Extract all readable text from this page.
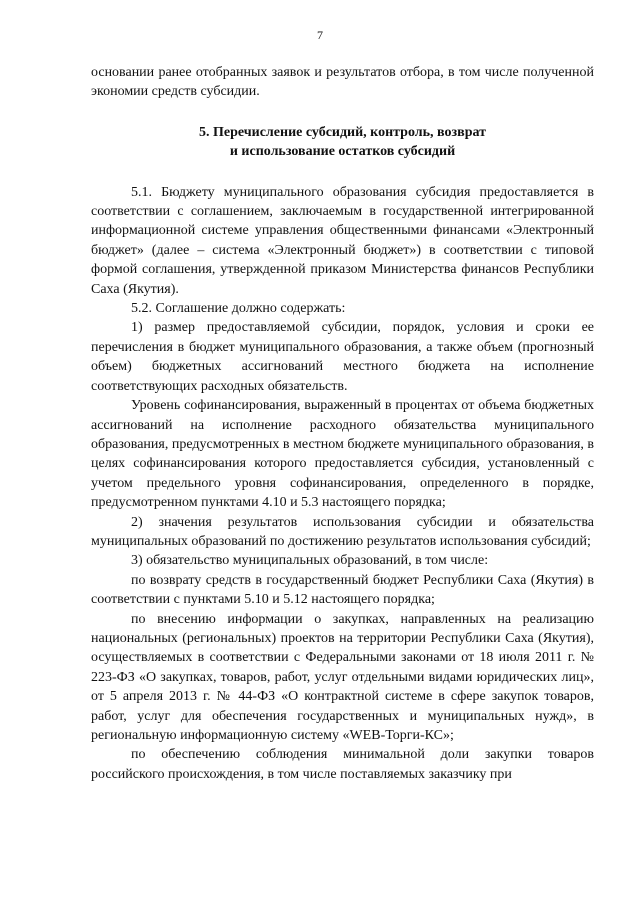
7

основании ранее отобранных заявок и результатов отбора, в том числе полученной экономии средств субсидии.

5. Перечисление субсидий, контроль, возврат

и использование остатков субсидий

5.1. Бюджету муниципального образования субсидия предоставляется в соответствии с соглашением, заключаемым в государственной интегрированной информационной системе управления общественными финансами «Электронный бюджет» (далее – система «Электронный бюджет») в соответствии с типовой формой соглашения, утвержденной приказом Министерства финансов Республики Саха (Якутия).

5.2. Соглашение должно содержать:

1) размер предоставляемой субсидии, порядок, условия и сроки ее перечисления в бюджет муниципального образования, а также объем (прогнозный объем) бюджетных ассигнований местного бюджета на исполнение соответствующих расходных обязательств.

Уровень софинансирования, выраженный в процентах от объема бюджетных ассигнований на исполнение расходного обязательства муниципального образования, предусмотренных в местном бюджете муниципального образования, в целях софинансирования которого предоставляется субсидия, установленный с учетом предельного уровня софинансирования, определенного в порядке, предусмотренном пунктами 4.10 и 5.3 настоящего порядка;

2) значения результатов использования субсидии и обязательства муниципальных образований по достижению результатов использования субсидий;

3) обязательство муниципальных образований, в том числе:

по возврату средств в государственный бюджет Республики Саха (Якутия) в соответствии с пунктами 5.10 и 5.12 настоящего порядка;

по внесению информации о закупках, направленных на реализацию национальных (региональных) проектов на территории Республики Саха (Якутия), осуществляемых в соответствии с Федеральными законами от 18 июля 2011 г. № 223-ФЗ «О закупках, товаров, работ, услуг отдельными видами юридических лиц», от 5 апреля 2013 г. № 44-ФЗ «О контрактной системе в сфере закупок товаров, работ, услуг для обеспечения государственных и муниципальных нужд», в региональную информационную систему «WEB-Торги-КС»;

по обеспечению соблюдения минимальной доли закупки товаров российского происхождения, в том числе поставляемых заказчику при
